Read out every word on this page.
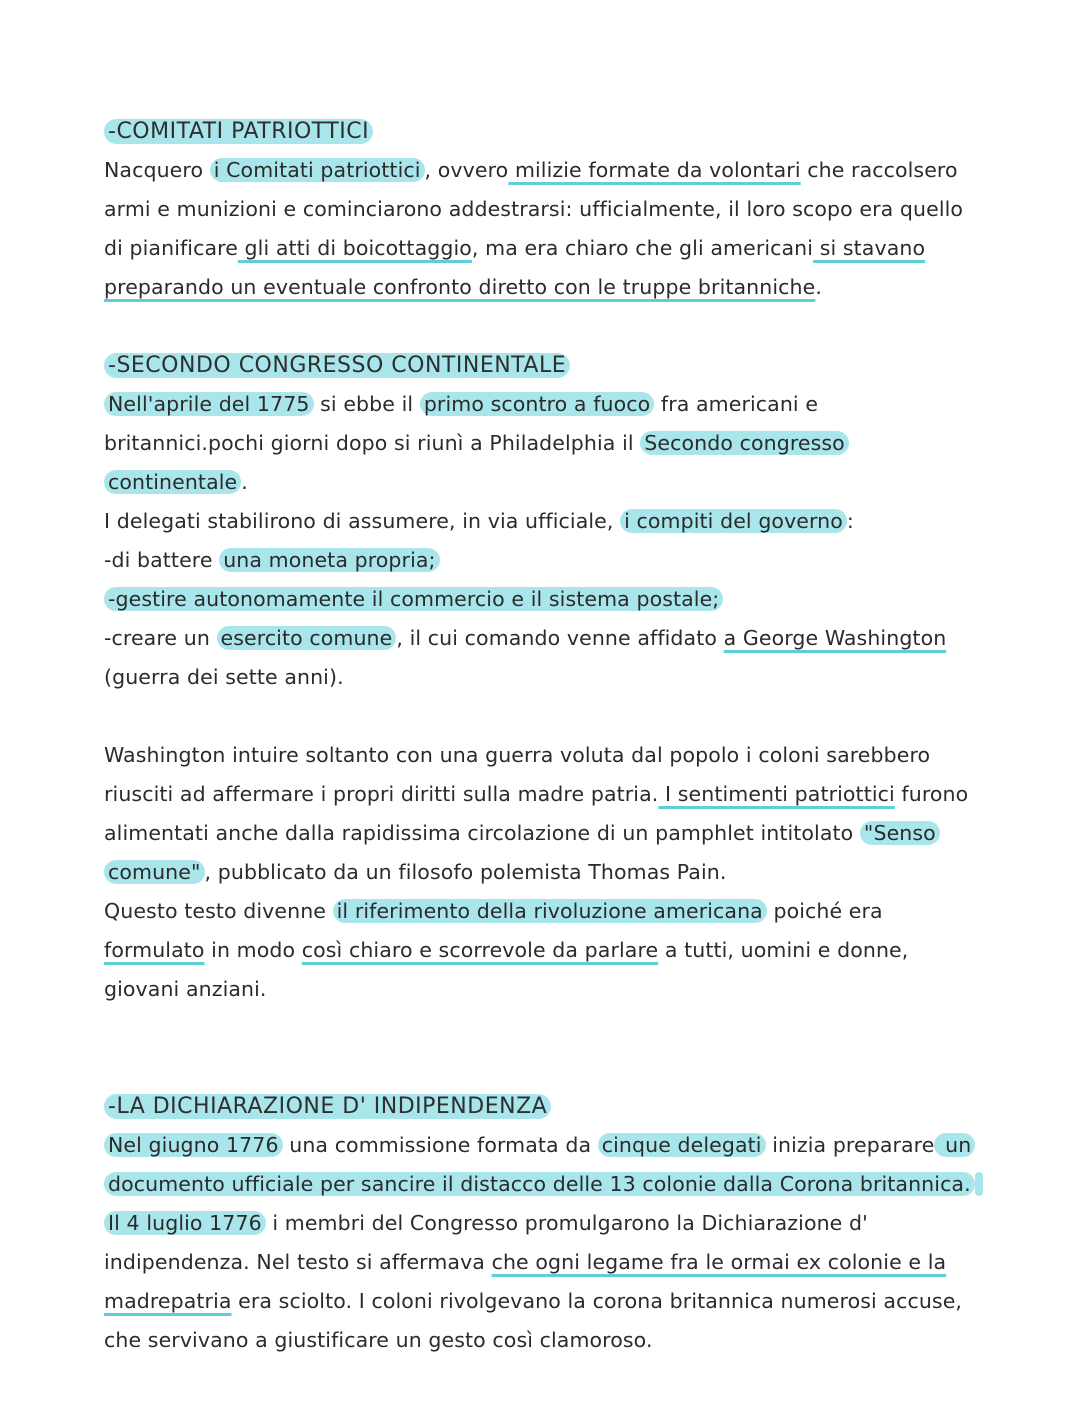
-COMITATI PATRIOTTICI

Nacquero i Comitati patriottici , ovvero milizie formate da volontari che raccolsero armi e munizioni e cominciarono addestrarsi: ufficialmente, il loro scopo era quello di pianificare gli atti di boicottaggio, ma era chiaro che gli americani si stavano preparando un eventuale confronto diretto con le truppe britanniche.

-SECONDO CONGRESSO CONTINENTALE

Nell'aprile del 1775 si ebbe il primo scontro a fuoco fra americani e britannici.pochi giorni dopo si riunì a Philadelphia il Secondo congresso continentale .

I delegati stabilirono di assumere, in via ufficiale, i compiti del governo :

-di battere una moneta propria;

-gestire autonomamente il commercio e il sistema postale;

-creare un esercito comune , il cui comando venne affidato a George Washington (guerra dei sette anni).

Washington intuire soltanto con una guerra voluta dal popolo i coloni sarebbero riusciti ad affermare i propri diritti sulla madre patria. I sentimenti patriottici furono alimentati anche dalla rapidissima circolazione di un pamphlet intitolato "Senso comune" , pubblicato da un filosofo polemista Thomas Pain.

Questo testo divenne il riferimento della rivoluzione americana poiché era formulato in modo così chiaro e scorrevole da parlare a tutti, uomini e donne, giovani anziani.

-LA DICHIARAZIONE D' INDIPENDENZA

Nel giugno 1776 una commissione formata da cinque delegati inizia preparare un documento ufficiale per sancire il distacco delle 13 colonie dalla Corona britannica. Il 4 luglio 1776 i membri del Congresso promulgarono la Dichiarazione d' indipendenza. Nel testo si affermava che ogni legame fra le ormai ex colonie e la madrepatria era sciolto. I coloni rivolgevano la corona britannica numerosi accuse, che servivano a giustificare un gesto così clamoroso.
